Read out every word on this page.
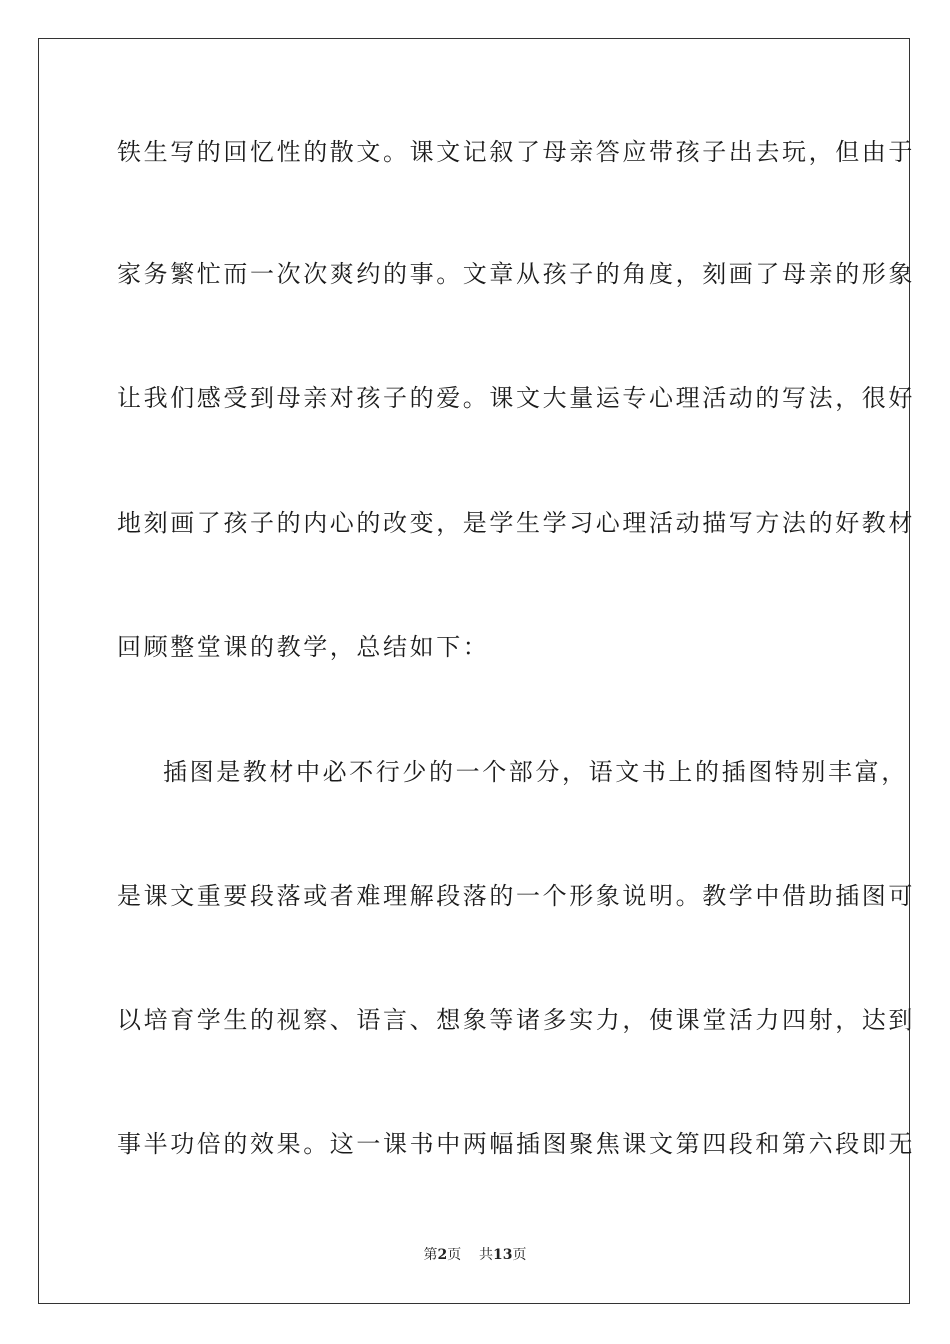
铁生写的回忆性的散文。课文记叙了母亲答应带孩子出去玩，但由于
家务繁忙而一次次爽约的事。文章从孩子的角度，刻画了母亲的形象
让我们感受到母亲对孩子的爱。课文大量运专心理活动的写法，很好
地刻画了孩子的内心的改变，是学生学习心理活动描写方法的好教材
回顾整堂课的教学，总结如下：
插图是教材中必不行少的一个部分，语文书上的插图特别丰富，
是课文重要段落或者难理解段落的一个形象说明。教学中借助插图可
以培育学生的视察、语言、想象等诸多实力，使课堂活力四射，达到
事半功倍的效果。这一课书中两幅插图聚焦课文第四段和第六段即无
第2页 共13页
